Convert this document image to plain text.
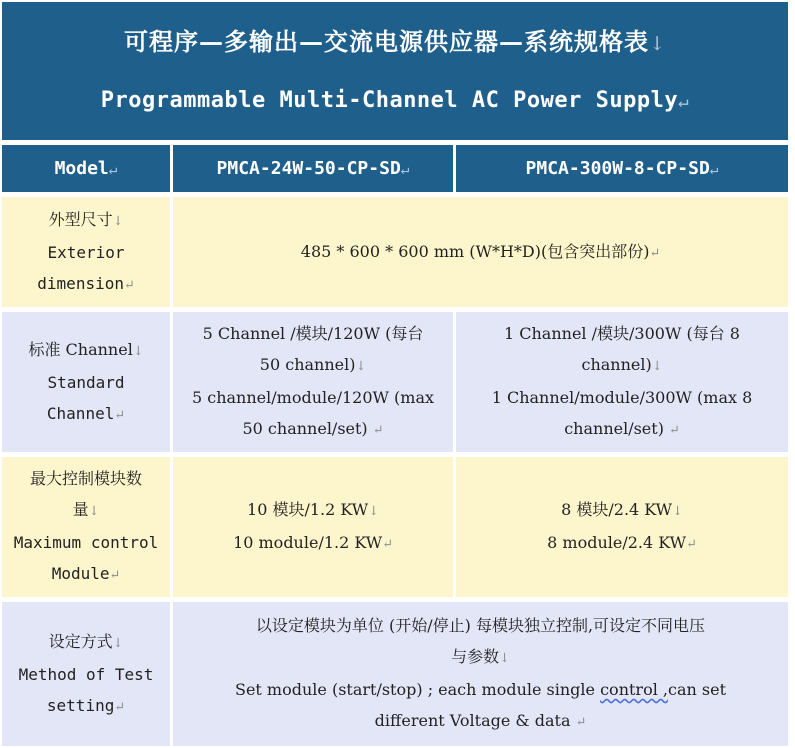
可程序—多输出—交流电源供应器—系统规格表↓
Programmable Multi-Channel AC Power Supply↵
Model↵	PMCA-24W-50-CP-SD↵	PMCA-300W-8-CP-SD↵
外型尺寸↓
Exterior
dimension↵
485 * 600 * 600 mm (W*H*D)(包含突出部份)↵
标准 Channel↓
Standard
Channel↵
5 Channel /模块/120W (每台
50 channel)↓
5 channel/module/120W (max
50 channel/set) ↵
1 Channel /模块/300W (每台 8
channel)↓
1 Channel/module/300W (max 8
channel/set) ↵
最大控制模块数
量↓
Maximum control
Module↵
10 模块/1.2 KW↓
10 module/1.2 KW↵
8 模块/2.4 KW↓
8 module/2.4 KW↵
设定方式↓
Method of Test
setting↵
以设定模块为单位 (开始/停止) 每模块独立控制,可设定不同电压
与参数↓
Set module (start/stop) ; each module single control ,can set
different Voltage & data ↵
